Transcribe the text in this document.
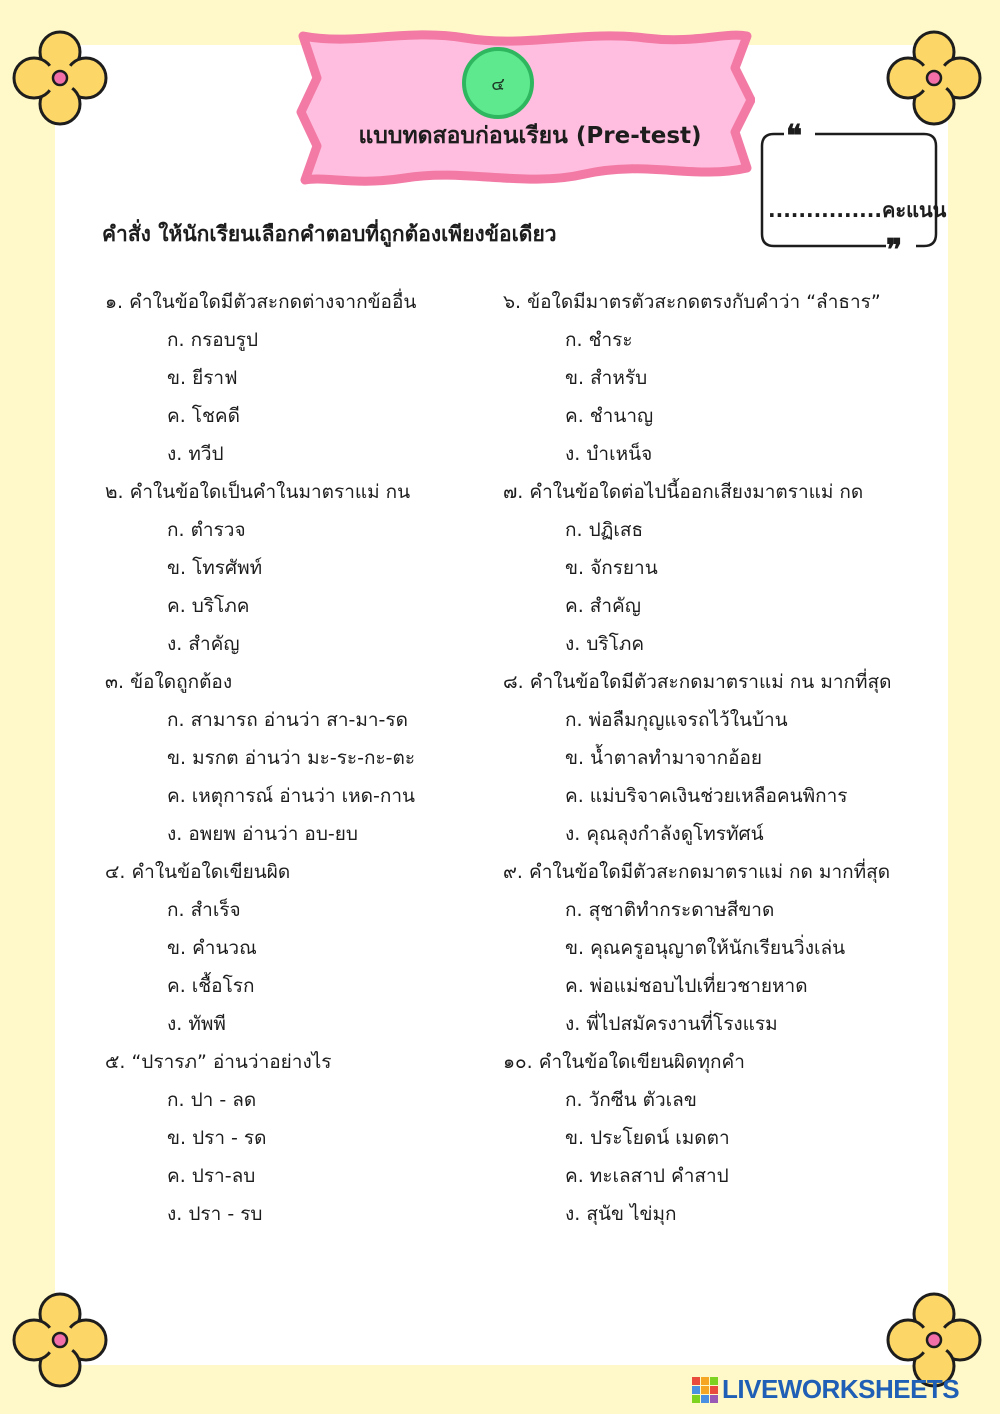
๔
แบบทดสอบก่อนเรียน (Pre-test)	❝
❞
...............คะแนน
คำสั่ง ให้นักเรียนเลือกคำตอบที่ถูกต้องเพียงข้อเดียว
๑. คำในข้อใดมีตัวสะกดต่างจากข้ออื่น
ก. กรอบรูป
ข. ยีราฟ
ค. โชคดี
ง. ทวีป
๒. คำในข้อใดเป็นคำในมาตราแม่ กน
ก. ตำรวจ
ข. โทรศัพท์
ค. บริโภค
ง. สำคัญ
๓. ข้อใดถูกต้อง
ก. สามารถ อ่านว่า สา-มา-รด
ข. มรกต อ่านว่า มะ-ระ-กะ-ตะ
ค. เหตุการณ์ อ่านว่า เหด-กาน
ง. อพยพ อ่านว่า อบ-ยบ
๔. คำในข้อใดเขียนผิด
ก. สำเร็จ
ข. คำนวณ
ค. เชื้อโรก
ง. ทัพพี
๕. “ปรารภ” อ่านว่าอย่างไร
ก. ปา - ลด
ข. ปรา - รด
ค. ปรา-ลบ
ง. ปรา - รบ
๖. ข้อใดมีมาตรตัวสะกดตรงกับคำว่า “ลำธาร”
ก. ชำระ
ข. สำหรับ
ค. ชำนาญ
ง. บำเหน็จ
๗. คำในข้อใดต่อไปนี้ออกเสียงมาตราแม่ กด
ก. ปฏิเสธ
ข. จักรยาน
ค. สำคัญ
ง. บริโภค
๘. คำในข้อใดมีตัวสะกดมาตราแม่ กน มากที่สุด
ก. พ่อลืมกุญแจรถไว้ในบ้าน
ข. น้ำตาลทำมาจากอ้อย
ค. แม่บริจาคเงินช่วยเหลือคนพิการ
ง. คุณลุงกำลังดูโทรทัศน์
๙. คำในข้อใดมีตัวสะกดมาตราแม่ กด มากที่สุด
ก. สุชาติทำกระดาษสีขาด
ข. คุณครูอนุญาตให้นักเรียนวิ่งเล่น
ค. พ่อแม่ชอบไปเที่ยวชายหาด
ง. พี่ไปสมัครงานที่โรงแรม
๑๐. คำในข้อใดเขียนผิดทุกคำ
ก. วักซีน ตัวเลข
ข. ประโยดน์ เมดตา
ค. ทะเลสาป คำสาป
ง. สุนัข ไข่มุก
LIVEWORKSHEETS
